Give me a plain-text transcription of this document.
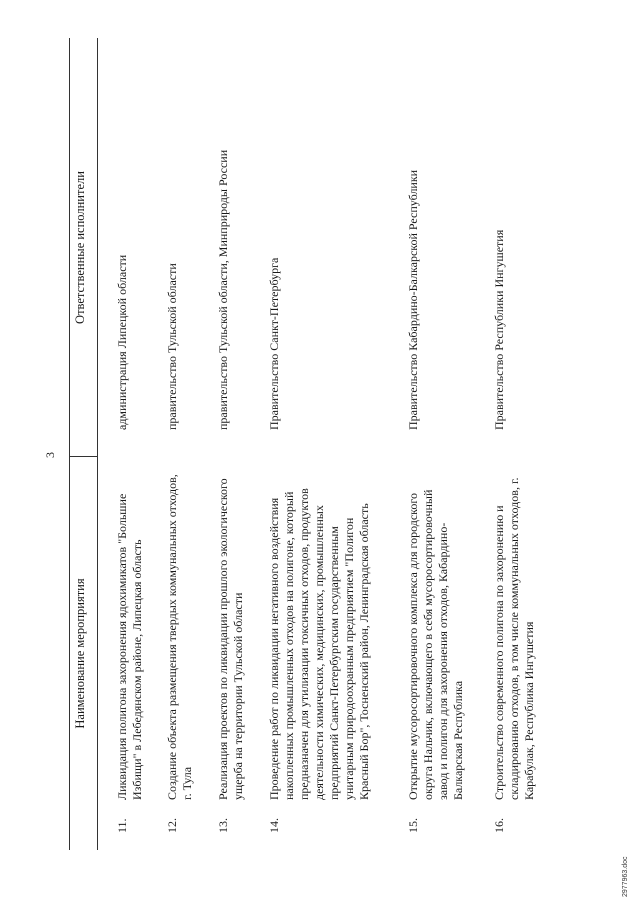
3
Наименование мероприятия
Ответственные исполнители
11.
Ликвидация полигона захоронения ядохимикатов "Большие Избищи" в Лебедянском районе, Липецкая область
администрация Липецкой области
12.
Создание объекта размещения твердых коммунальных отходов, г. Тула
правительство Тульской области
13.
Реализация проектов по ликвидации прошлого экологического ущерба на территории Тульской области
правительство Тульской области, Минприроды России
14.
Проведение работ по ликвидации негативного воздействия накопленных промышленных отходов на полигоне, который предназначен для утилизации токсичных отходов, продуктов деятельности химических, медицинских, промышленных предприятий Санкт-Петербургским государственным унитарным природоохранным предприятием "Полигон Красный Бор", Тосненский район, Ленинградская область
Правительство Санкт-Петербурга
15.
Открытие мусоросортировочного комплекса для городского округа Нальчик, включающего в себя мусоросортировочный завод и полигон для захоронения отходов, Кабардино-Балкарская Республика
Правительство Кабардино-Балкарской Республики
16.
Строительство современного полигона по захоронению и складированию отходов, в том числе коммунальных отходов, г. Карабулак, Республика Ингушетия
Правительство Республики Ингушетия
2977963.doc
